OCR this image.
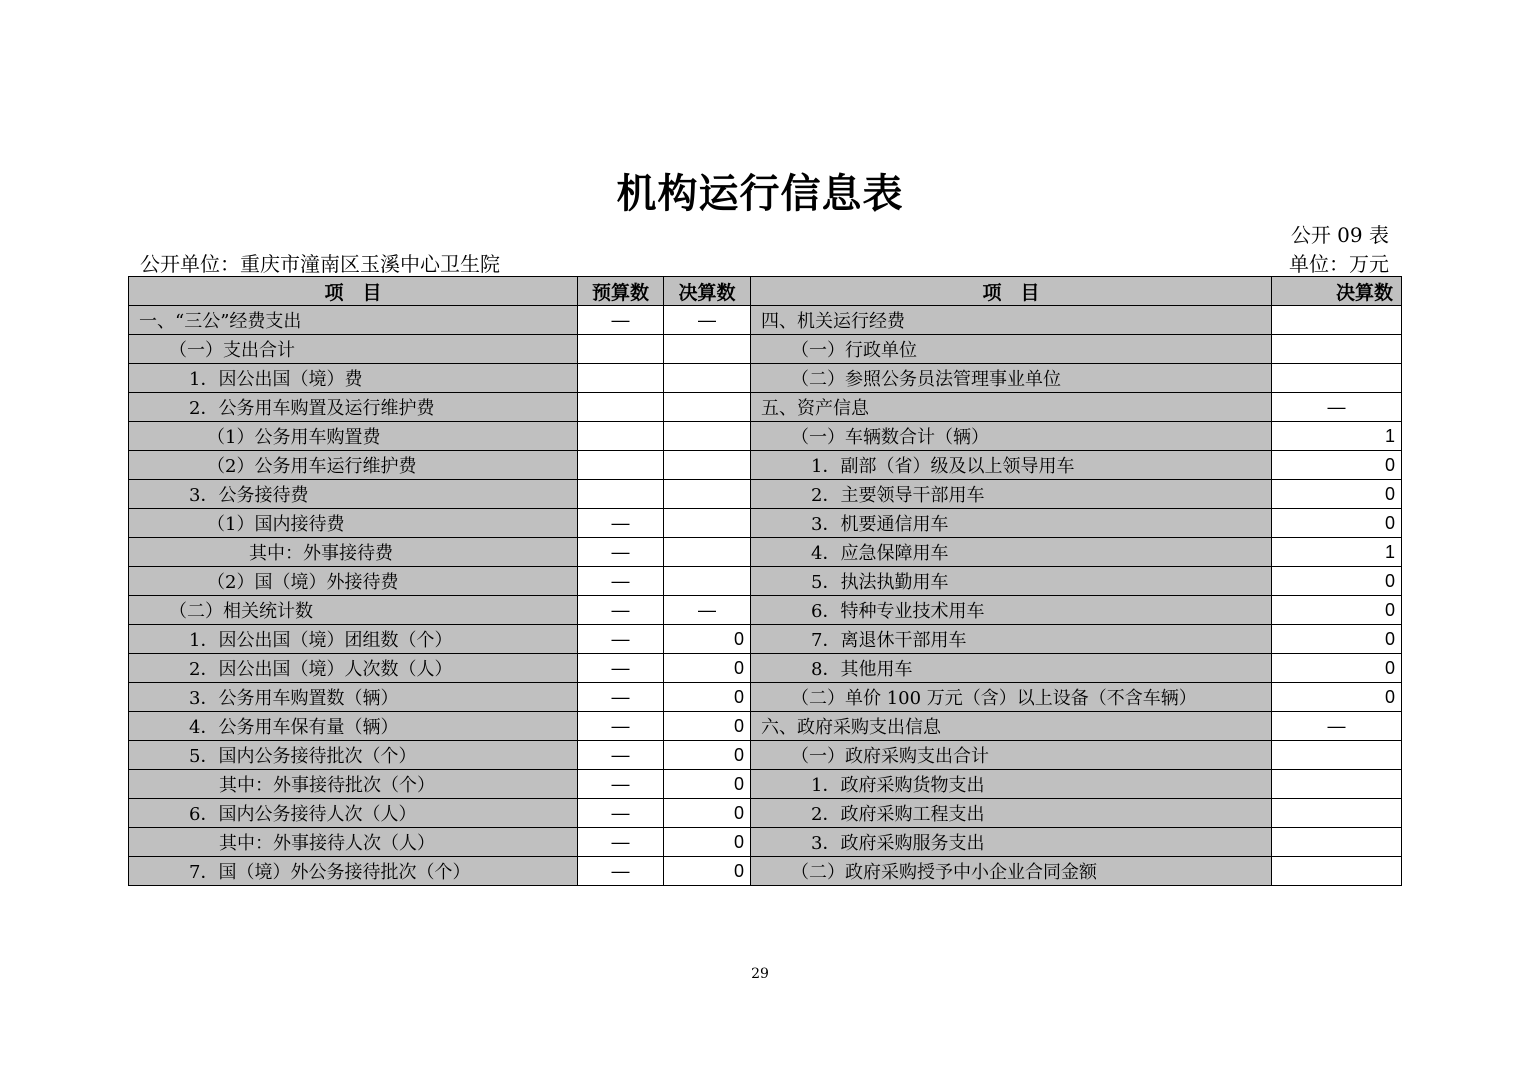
机构运行信息表
公开 09 表
公开单位：重庆市潼南区玉溪中心卫生院	单位：万元
项　目	预算数	决算数	项　目	决算数
一、“三公”经费支出	—	—	四、机关运行经费	
（一）支出合计			（一）行政单位	
1．因公出国（境）费			（二）参照公务员法管理事业单位	
2．公务用车购置及运行维护费			五、资产信息	—
（1）公务用车购置费			（一）车辆数合计（辆）	1
（2）公务用车运行维护费			1．副部（省）级及以上领导用车	0
3．公务接待费			2．主要领导干部用车	0
（1）国内接待费	—		3．机要通信用车	0
其中：外事接待费	—		4．应急保障用车	1
（2）国（境）外接待费	—		5．执法执勤用车	0
（二）相关统计数	—	—	6．特种专业技术用车	0
1．因公出国（境）团组数（个）	—	0	7．离退休干部用车	0
2．因公出国（境）人次数（人）	—	0	8．其他用车	0
3．公务用车购置数（辆）	—	0	（二）单价 100 万元（含）以上设备（不含车辆）	0
4．公务用车保有量（辆）	—	0	六、政府采购支出信息	—
5．国内公务接待批次（个）	—	0	（一）政府采购支出合计	
其中：外事接待批次（个）	—	0	1．政府采购货物支出	
6．国内公务接待人次（人）	—	0	2．政府采购工程支出	
其中：外事接待人次（人）	—	0	3．政府采购服务支出	
7．国（境）外公务接待批次（个）	—	0	（二）政府采购授予中小企业合同金额	
29
